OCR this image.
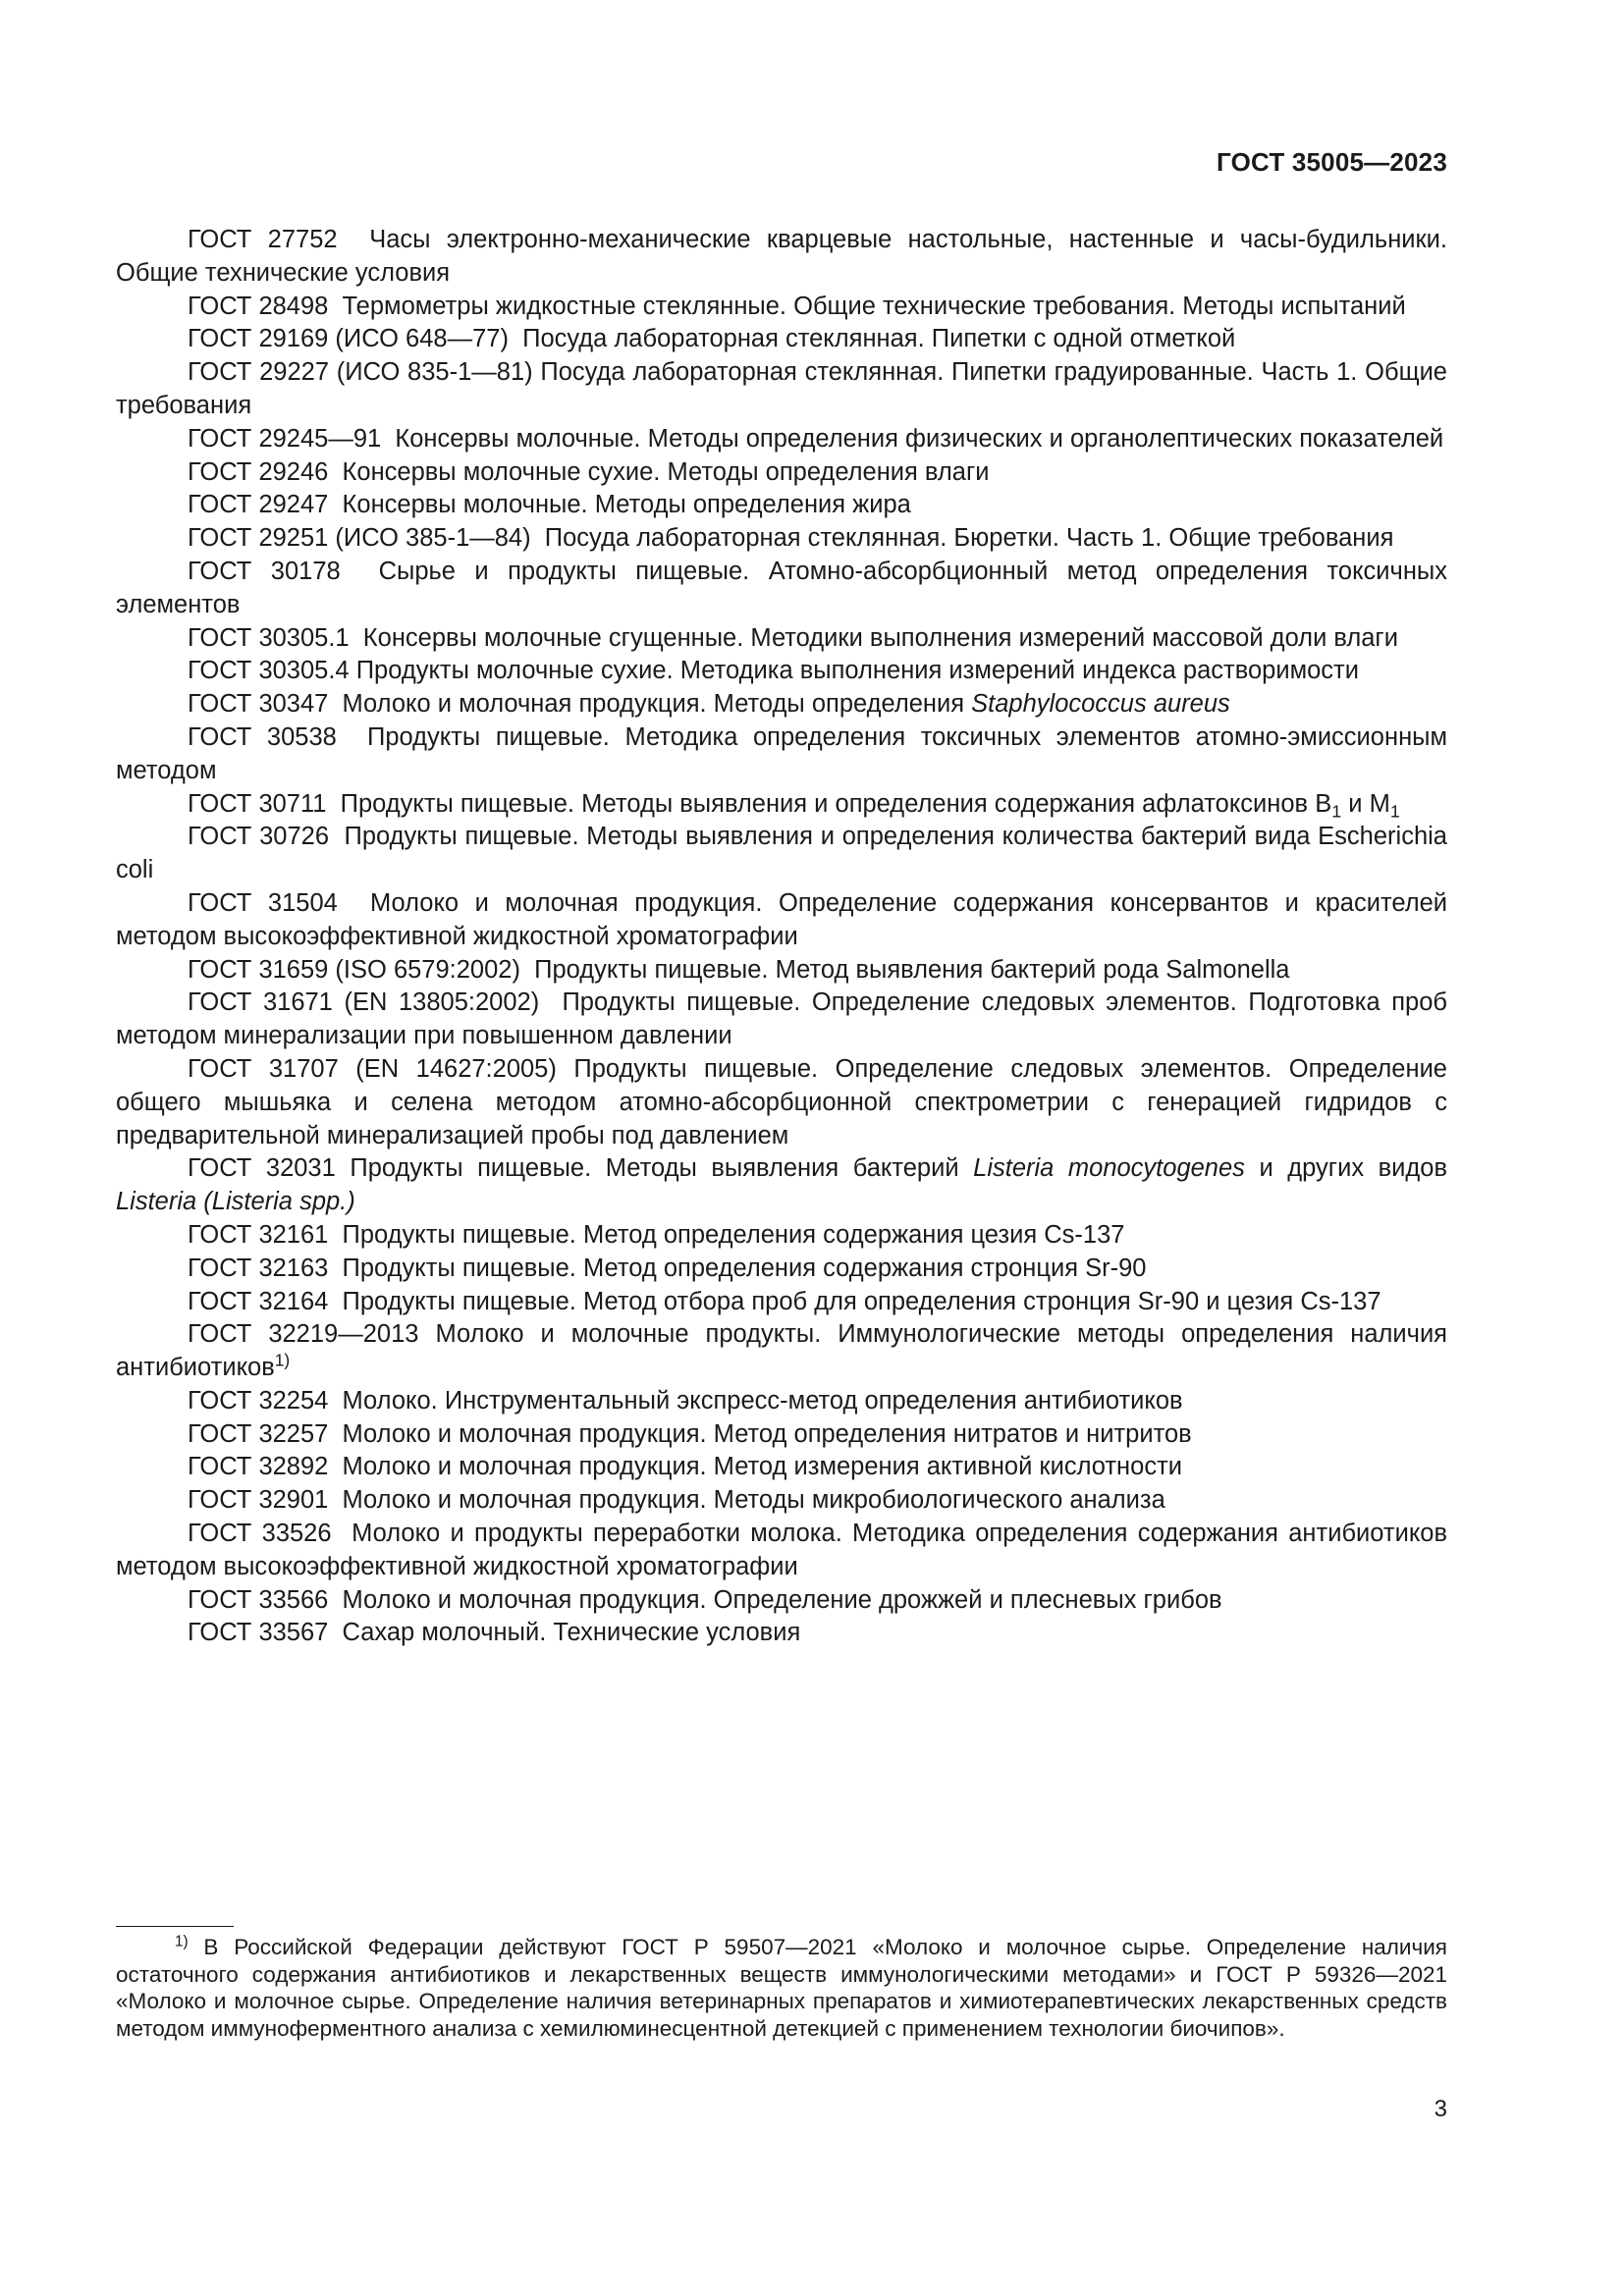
ГОСТ 35005—2023

ГОСТ 27752 Часы электронно-механические кварцевые настольные, настенные и часы-будильники. Общие технические условия

ГОСТ 28498 Термометры жидкостные стеклянные. Общие технические требования. Методы испытаний

ГОСТ 29169 (ИСО 648—77) Посуда лабораторная стеклянная. Пипетки с одной отметкой

ГОСТ 29227 (ИСО 835-1—81) Посуда лабораторная стеклянная. Пипетки градуированные. Часть 1. Общие требования

ГОСТ 29245—91 Консервы молочные. Методы определения физических и органолептических показателей

ГОСТ 29246 Консервы молочные сухие. Методы определения влаги

ГОСТ 29247 Консервы молочные. Методы определения жира

ГОСТ 29251 (ИСО 385-1—84) Посуда лабораторная стеклянная. Бюретки. Часть 1. Общие требования

ГОСТ 30178 Сырье и продукты пищевые. Атомно-абсорбционный метод определения токсичных элементов

ГОСТ 30305.1 Консервы молочные сгущенные. Методики выполнения измерений массовой доли влаги

ГОСТ 30305.4 Продукты молочные сухие. Методика выполнения измерений индекса растворимости

ГОСТ 30347 Молоко и молочная продукция. Методы определения Staphylococcus aureus

ГОСТ 30538 Продукты пищевые. Методика определения токсичных элементов атомно-эмиссионным методом

ГОСТ 30711 Продукты пищевые. Методы выявления и определения содержания афлатоксинов $B_1$ и $M_1$

ГОСТ 30726 Продукты пищевые. Методы выявления и определения количества бактерий вида Escherichia coli

ГОСТ 31504 Молоко и молочная продукция. Определение содержания консервантов и красителей методом высокоэффективной жидкостной хроматографии

ГОСТ 31659 (ISO 6579:2002) Продукты пищевые. Метод выявления бактерий рода Salmonella

ГОСТ 31671 (EN 13805:2002) Продукты пищевые. Определение следовых элементов. Подготовка проб методом минерализации при повышенном давлении

ГОСТ 31707 (EN 14627:2005) Продукты пищевые. Определение следовых элементов. Определение общего мышьяка и селена методом атомно-абсорбционной спектрометрии с генерацией гидридов с предварительной минерализацией пробы под давлением

ГОСТ 32031 Продукты пищевые. Методы выявления бактерий Listeria monocytogenes и других видов Listeria (Listeria spp.)

ГОСТ 32161 Продукты пищевые. Метод определения содержания цезия Cs-137

ГОСТ 32163 Продукты пищевые. Метод определения содержания стронция Sr-90

ГОСТ 32164 Продукты пищевые. Метод отбора проб для определения стронция Sr-90 и цезия Cs-137

ГОСТ 32219—2013 Молоко и молочные продукты. Иммунологические методы определения наличия антибиотиков$^{1)}$

ГОСТ 32254 Молоко. Инструментальный экспресс-метод определения антибиотиков

ГОСТ 32257 Молоко и молочная продукция. Метод определения нитратов и нитритов

ГОСТ 32892 Молоко и молочная продукция. Метод измерения активной кислотности

ГОСТ 32901 Молоко и молочная продукция. Методы микробиологического анализа

ГОСТ 33526 Молоко и продукты переработки молока. Методика определения содержания антибиотиков методом высокоэффективной жидкостной хроматографии

ГОСТ 33566 Молоко и молочная продукция. Определение дрожжей и плесневых грибов

ГОСТ 33567 Сахар молочный. Технические условия

$^{1)}$ В Российской Федерации действуют ГОСТ Р 59507—2021 «Молоко и молочное сырье. Определение наличия остаточного содержания антибиотиков и лекарственных веществ иммунологическими методами» и ГОСТ Р 59326—2021 «Молоко и молочное сырье. Определение наличия ветеринарных препаратов и химиотерапевтических лекарственных средств методом иммуноферментного анализа с хемилюминесцентной детекцией с применением технологии биочипов».

3
